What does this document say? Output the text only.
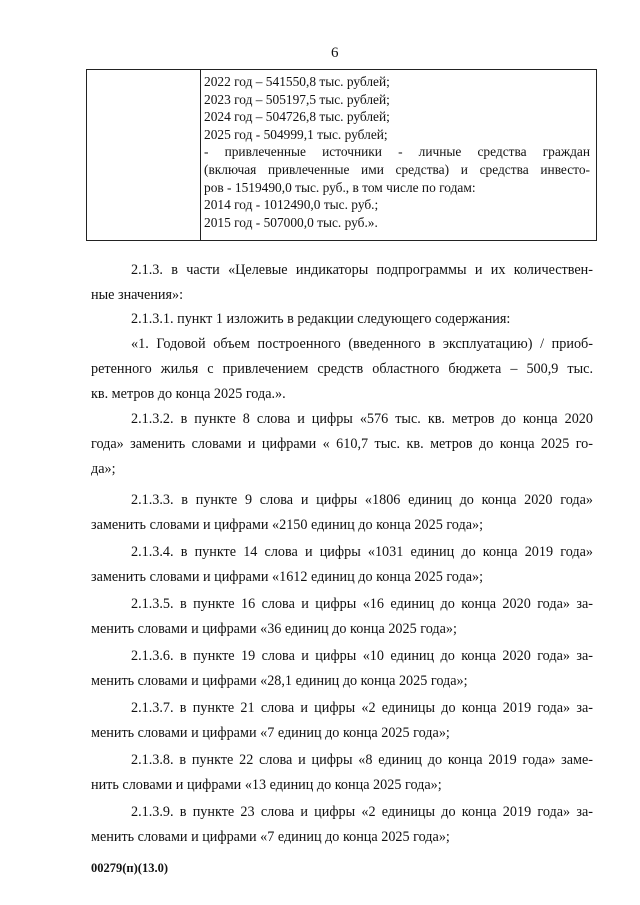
6
2022 год – 541550,8 тыс. рублей;
2023 год – 505197,5 тыс. рублей;
2024 год – 504726,8 тыс. рублей;
2025 год - 504999,1 тыс. рублей;
- привлеченные источники - личные средства граждан
(включая привлеченные ими средства) и средства инвесто-
ров - 1519490,0 тыс. руб., в том числе по годам:
2014 год - 1012490,0 тыс. руб.;
2015 год - 507000,0 тыс. руб.».
2.1.3. в части «Целевые индикаторы подпрограммы и их количествен-
ные значения»:
2.1.3.1. пункт 1 изложить в редакции следующего содержания:
«1. Годовой объем построенного (введенного в эксплуатацию) / приоб-
ретенного жилья с привлечением средств областного бюджета – 500,9 тыс.
кв. метров до конца 2025 года.».
2.1.3.2. в пункте 8 слова и цифры «576 тыс. кв. метров до конца 2020
года» заменить словами и цифрами « 610,7 тыс. кв. метров до конца 2025 го-
да»;
2.1.3.3. в пункте 9 слова и цифры «1806 единиц до конца 2020 года»
заменить словами и цифрами «2150 единиц до конца 2025 года»;
2.1.3.4. в пункте 14 слова и цифры «1031 единиц до конца 2019 года»
заменить словами и цифрами «1612 единиц до конца 2025 года»;
2.1.3.5. в пункте 16 слова и цифры «16 единиц до конца 2020 года» за-
менить словами и цифрами «36 единиц до конца 2025 года»;
2.1.3.6. в пункте 19 слова и цифры «10 единиц до конца 2020 года» за-
менить словами и цифрами «28,1 единиц до конца 2025 года»;
2.1.3.7. в пункте 21 слова и цифры «2 единицы до конца 2019 года» за-
менить словами и цифрами «7 единиц до конца 2025 года»;
2.1.3.8. в пункте 22 слова и цифры «8 единиц до конца 2019 года» заме-
нить словами и цифрами «13 единиц до конца 2025 года»;
2.1.3.9. в пункте 23 слова и цифры «2 единицы до конца 2019 года» за-
менить словами и цифрами «7 единиц до конца 2025 года»;
00279(п)(13.0)
